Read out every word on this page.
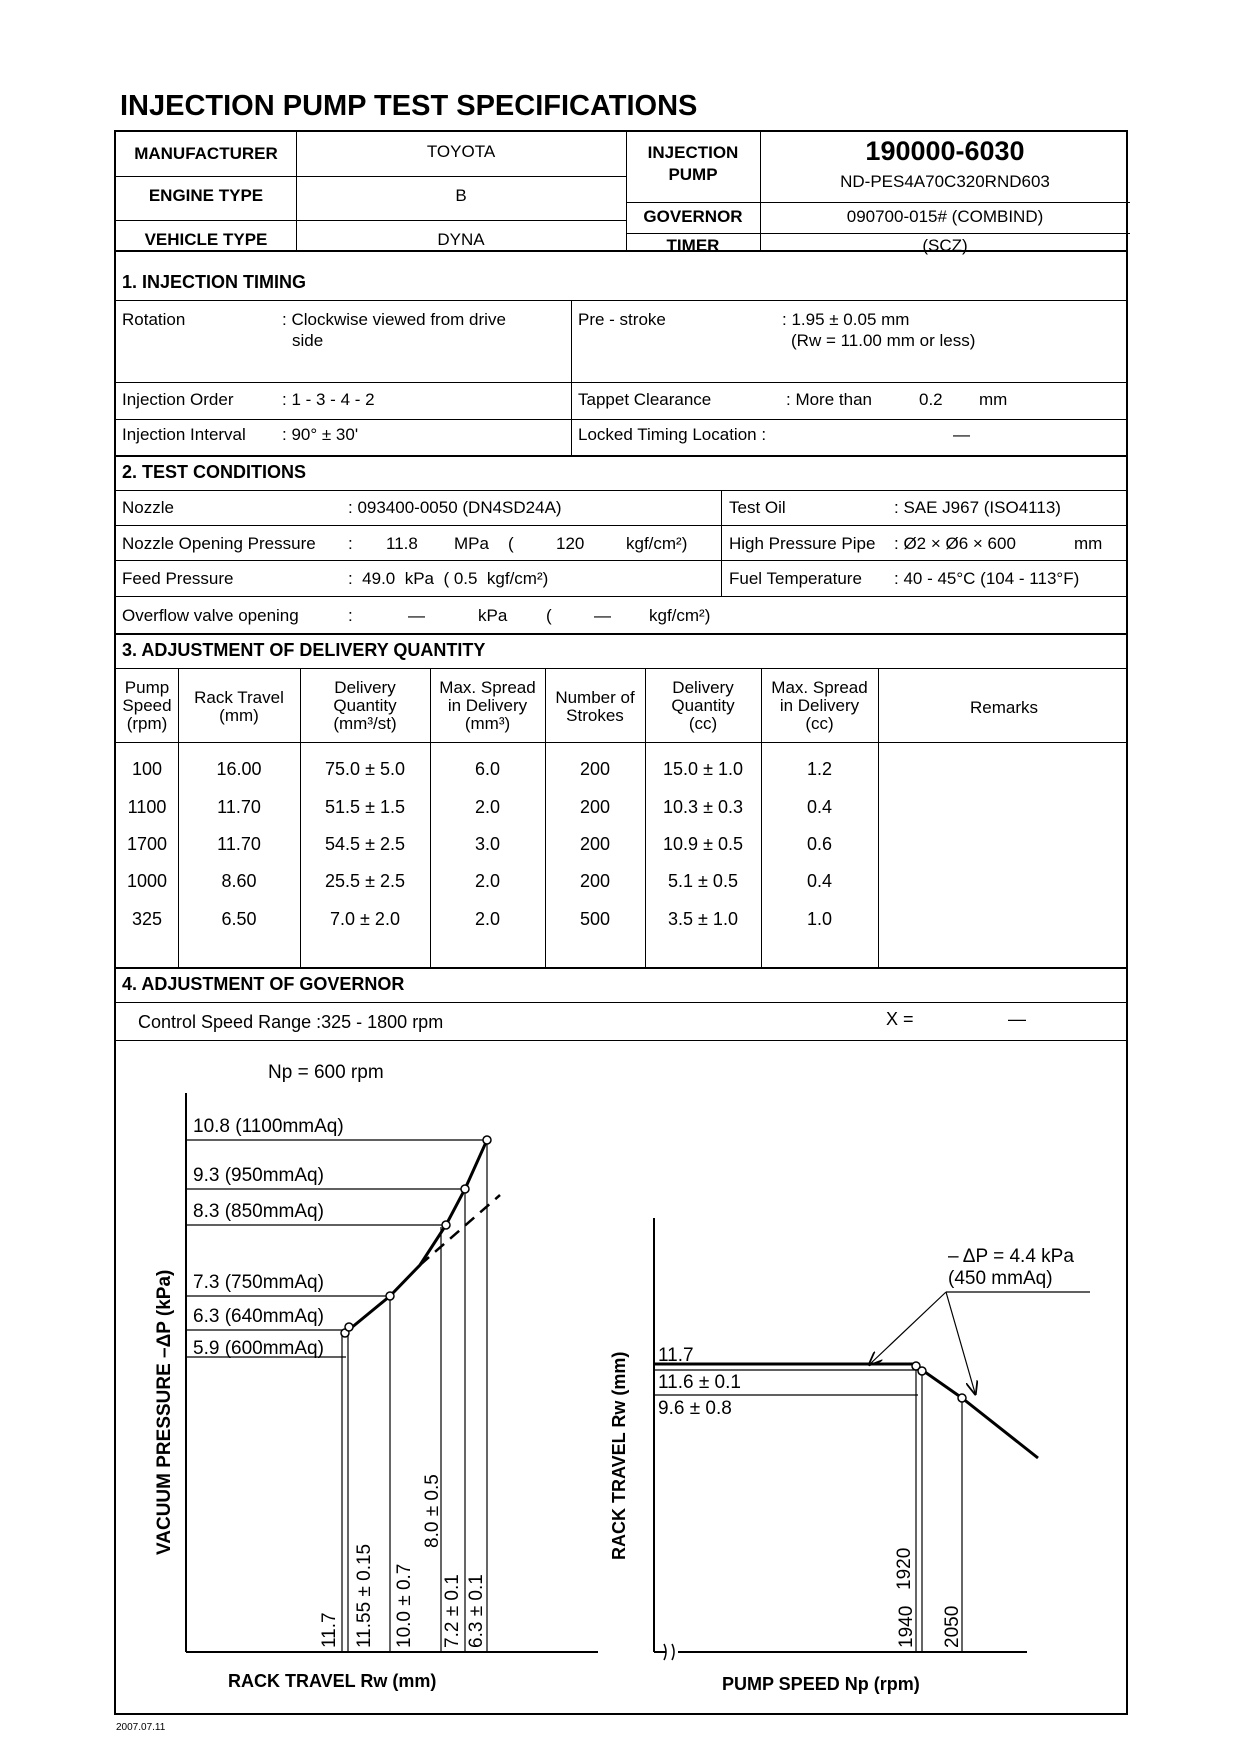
INJECTION PUMP TEST SPECIFICATIONS
MANUFACTURER	TOYOTA
ENGINE TYPE	B
VEHICLE TYPE	DYNA
INJECTION
PUMP
190000-6030
ND-PES4A70C320RND603
GOVERNOR	090700-015# (COMBIND)
TIMER	(SCZ)
1. INJECTION TIMING
Rotation	: Clockwise viewed from drive
side
Pre - stroke	: 1.95 ± 0.05 mm
(Rw = 11.00 mm or less)
Injection Order	: 1 - 3 - 4 - 2	Tappet Clearance	: More than	0.2 mm
Injection Interval : 90° ± 30'	Locked Timing Location :	—
2. TEST CONDITIONS
Nozzle	: 093400-0050 (DN4SD24A)	Test Oil	: SAE J967 (ISO4113)
Nozzle Opening Pressure : 11.8 MPa ( 120 kgf/cm²) High Pressure Pipe : Ø2 × Ø6 × 600	mm
Feed Pressure	:  49.0  kPa  ( 0.5  kgf/cm²)	Fuel Temperature : 40 - 45°C (104 - 113°F)
Overflow valve opening	:	—	kPa ( — kgf/cm²)
3. ADJUSTMENT OF DELIVERY QUANTITY
Pump
Speed
(rpm)
Rack Travel
(mm)
Delivery
Quantity
(mm³/st)
Max. Spread
in Delivery
(mm³)
Number of
Strokes
Delivery
Quantity
(cc)
Max. Spread
in Delivery
(cc)
Remarks
100	16.00	75.0 ± 5.0	6.0	200	15.0 ± 1.0	1.2
1100	11.70	51.5 ± 1.5	2.0	200	10.3 ± 0.3	0.4
1700	11.70	54.5 ± 2.5	3.0	200	10.9 ± 0.5	0.6
1000	8.60	25.5 ± 2.5	2.0	200	5.1 ± 0.5	0.4
325	6.50	7.0 ± 2.0	2.0	500	3.5 ± 1.0	1.0
4. ADJUSTMENT OF GOVERNOR
Control Speed Range :325 - 1800 rpm	X =	—
Np = 600 rpm
10.8 (1100mmAq)
9.3 (950mmAq)
8.3 (850mmAq)
7.3 (750mmAq)
6.3 (640mmAq)
5.9 (600mmAq)
11.7 11.55 ± 0.15 10.0 ± 0.7
8.0 ± 0.5
7.2 ± 0.1 6.3 ± 0.1
RACK TRAVEL Rw (mm)
VACUUM PRESSURE –ΔP (kPa)	11.7
11.6 ± 0.1
9.6 ± 0.8
– ΔP = 4.4 kPa
(450 mmAq)
1920
1940 2050
PUMP SPEED Np (rpm)
RACK TRAVEL Rw (mm)
2007.07.11
